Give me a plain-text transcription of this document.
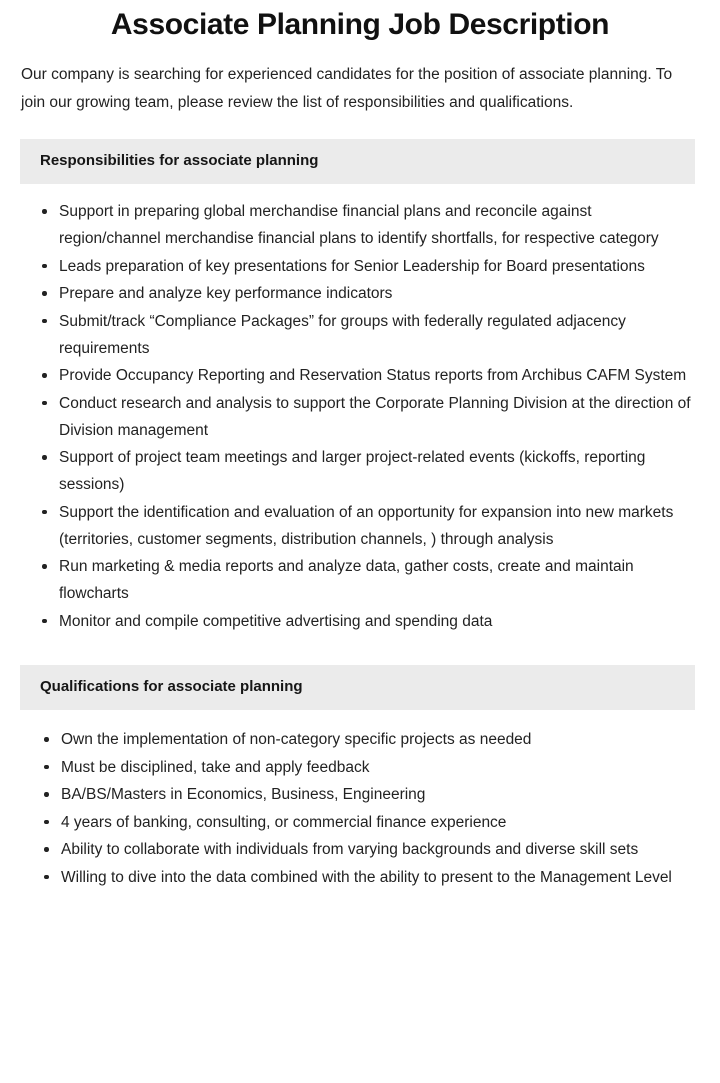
Associate Planning Job Description

Our company is searching for experienced candidates for the position of associate planning. To join our growing team, please review the list of responsibilities and qualifications.

Responsibilities for associate planning
Support in preparing global merchandise financial plans and reconcile against region/channel merchandise financial plans to identify shortfalls, for respective category
Leads preparation of key presentations for Senior Leadership for Board presentations
Prepare and analyze key performance indicators
Submit/track “Compliance Packages” for groups with federally regulated adjacency requirements
Provide Occupancy Reporting and Reservation Status reports from Archibus CAFM System
Conduct research and analysis to support the Corporate Planning Division at the direction of Division management
Support of project team meetings and larger project-related events (kickoffs, reporting sessions)
Support the identification and evaluation of an opportunity for expansion into new markets (territories, customer segments, distribution channels, ) through analysis
Run marketing & media reports and analyze data, gather costs, create and maintain flowcharts
Monitor and compile competitive advertising and spending data
Qualifications for associate planning
Own the implementation of non-category specific projects as needed
Must be disciplined, take and apply feedback
BA/BS/Masters in Economics, Business, Engineering
4 years of banking, consulting, or commercial finance experience
Ability to collaborate with individuals from varying backgrounds and diverse skill sets
Willing to dive into the data combined with the ability to present to the Management Level
